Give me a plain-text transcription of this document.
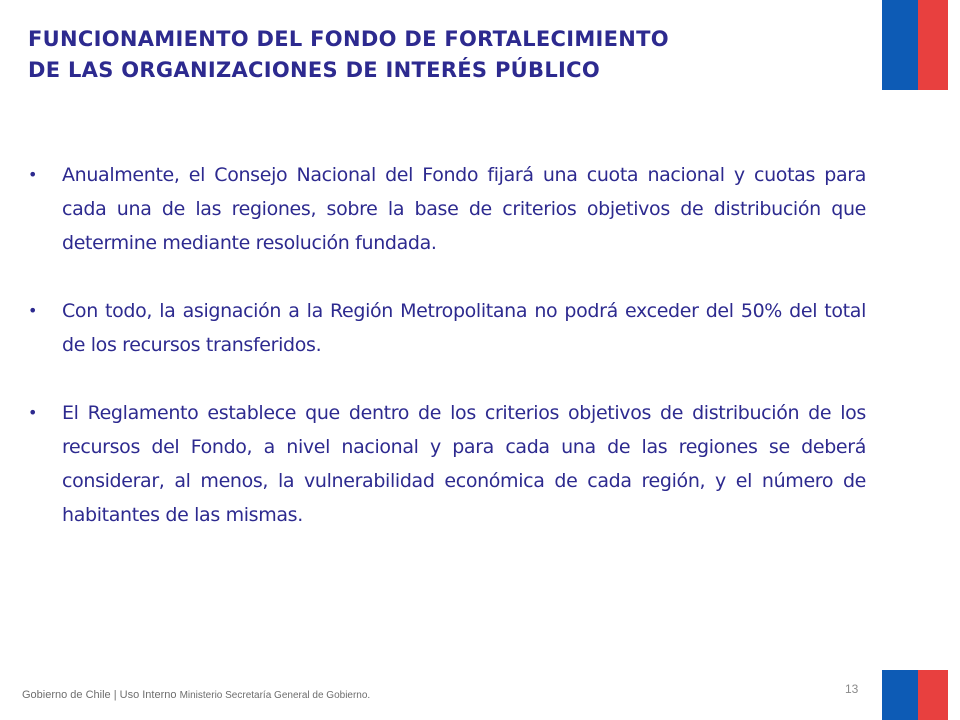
FUNCIONAMIENTO DEL FONDO DE FORTALECIMIENTO
DE LAS ORGANIZACIONES DE INTERÉS PÚBLICO
• Anualmente, el Consejo Nacional del Fondo fijará una cuota nacional y cuotas para cada una de las regiones, sobre la base de criterios objetivos de distribución que determine mediante resolución fundada.
• Con todo, la asignación a la Región Metropolitana no podrá exceder del 50% del total de los recursos transferidos.
• El Reglamento establece que dentro de los criterios objetivos de distribución de los recursos del Fondo, a nivel nacional y para cada una de las regiones se deberá considerar, al menos, la vulnerabilidad económica de cada región, y el número de habitantes de las mismas.
Gobierno de Chile | Uso Interno Ministerio Secretaría General de Gobierno.	13
